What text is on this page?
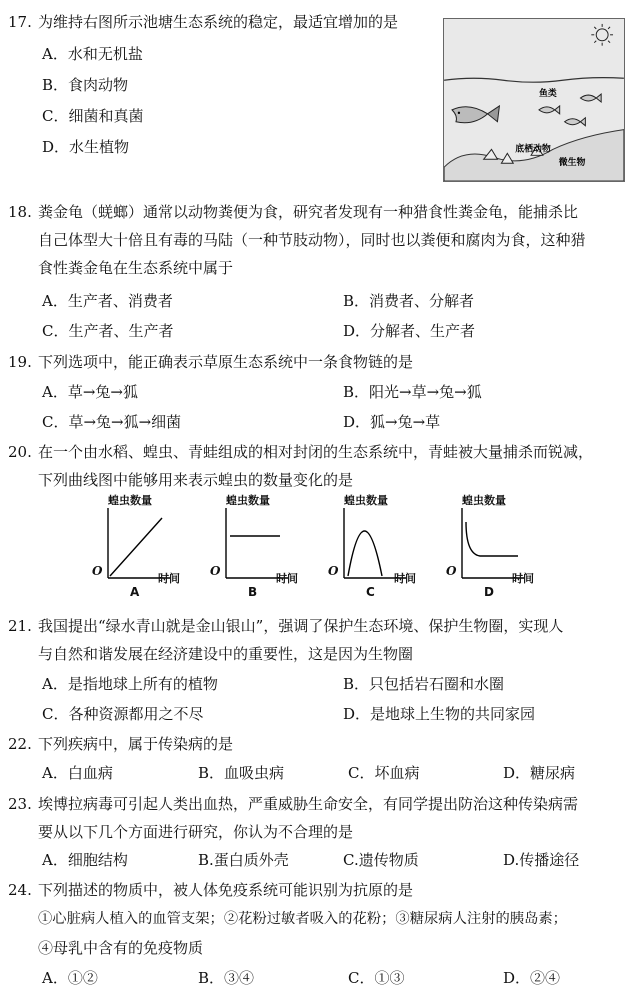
17. 为维持右图所示池塘生态系统的稳定，最适宜增加的是
A．水和无机盐
B．食肉动物
C．细菌和真菌
D．水生植物
鱼类
底栖动物
微生物
18. 粪金龟（蜣螂）通常以动物粪便为食，研究者发现有一种猎食性粪金龟，能捕杀比
自己体型大十倍且有毒的马陆（一种节肢动物），同时也以粪便和腐肉为食，这种猎
食性粪金龟在生态系统中属于
A．生产者、消费者	B．消费者、分解者
C．生产者、生产者	D．分解者、生产者
19. 下列选项中，能正确表示草原生态系统中一条食物链的是
A．草→兔→狐	B．阳光→草→兔→狐
C．草→兔→狐→细菌	D．狐→兔→草
20. 在一个由水稻、蝗虫、青蛙组成的相对封闭的生态系统中，青蛙被大量捕杀而锐减，
下列曲线图中能够用来表示蝗虫的数量变化的是
蝗虫数量
O
时间
A
蝗虫数量
O
时间
B
蝗虫数量
O
时间
C
蝗虫数量
O
时间
D
21. 我国提出“绿水青山就是金山银山”，强调了保护生态环境、保护生物圈，实现人
与自然和谐发展在经济建设中的重要性，这是因为生物圈
A．是指地球上所有的植物	B．只包括岩石圈和水圈
C．各种资源都用之不尽	D．是地球上生物的共同家园
22. 下列疾病中，属于传染病的是
A．白血病	B．血吸虫病	C．坏血病	D．糖尿病
23. 埃博拉病毒可引起人类出血热，严重威胁生命安全，有同学提出防治这种传染病需
要从以下几个方面进行研究，你认为不合理的是
A．细胞结构	B.蛋白质外壳	C.遗传物质	D.传播途径
24. 下列描述的物质中，被人体免疫系统可能识别为抗原的是
①心脏病人植入的血管支架；②花粉过敏者吸入的花粉；③糖尿病人注射的胰岛素；
④母乳中含有的免疫物质
A．①②	B．③④	C．①③	D．②④
